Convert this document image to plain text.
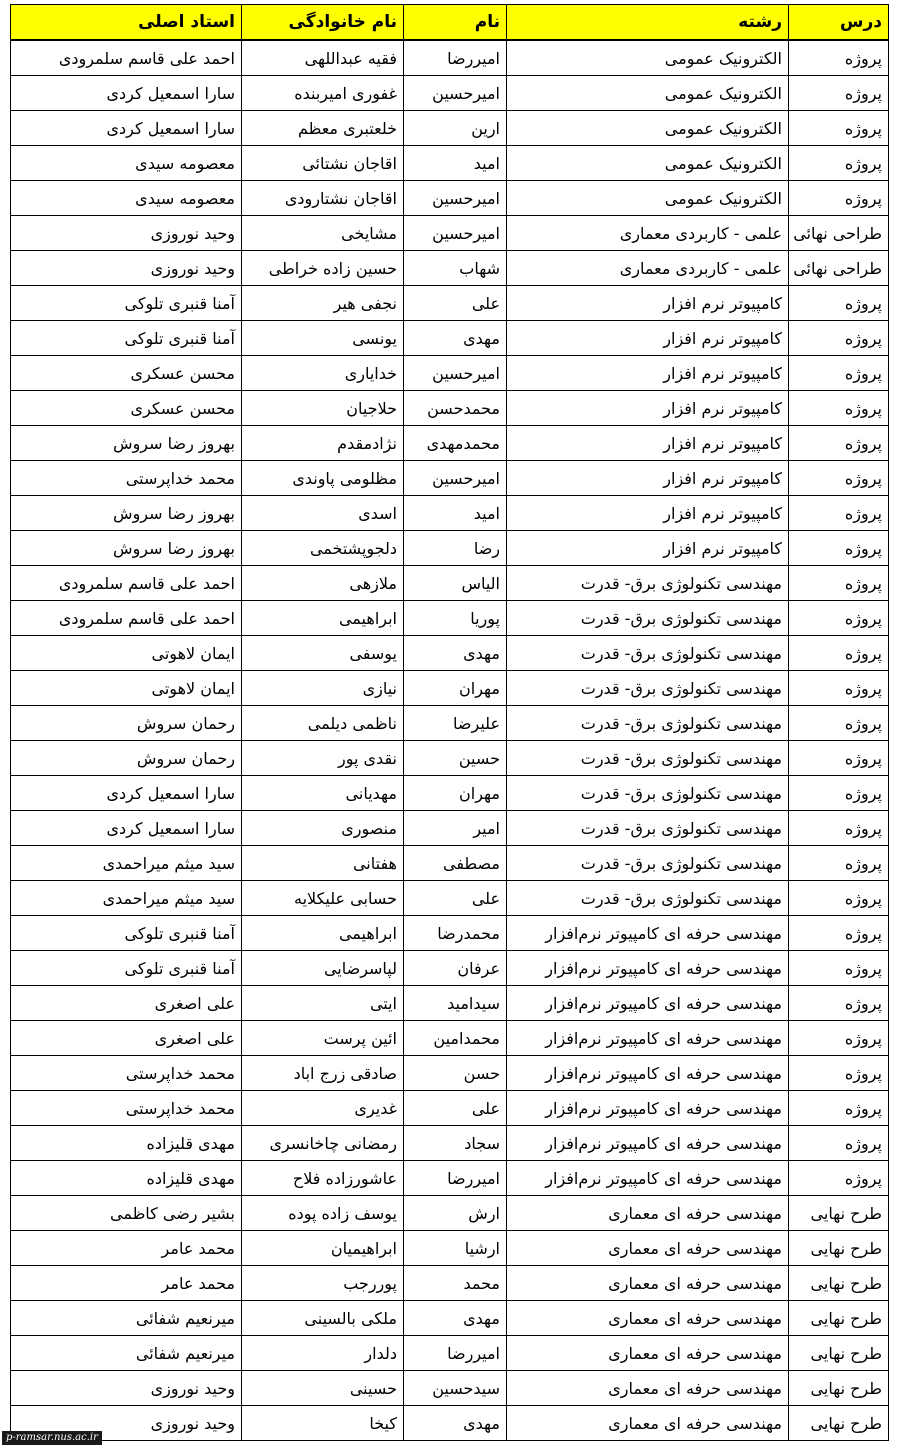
درس	رشته	نام	نام خانوادگی	استاد اصلی
پروژه	الکترونیک عمومی	امیررضا	فقیه عبداللهی	احمد علی قاسم سلمرودی
پروژه	الکترونیک عمومی	امیرحسین	غفوری امیربنده	سارا اسمعیل کردی
پروژه	الکترونیک عمومی	ارین	خلعتبری معظم	سارا اسمعیل کردی
پروژه	الکترونیک عمومی	امید	اقاجان نشتائی	معصومه سیدی
پروژه	الکترونیک عمومی	امیرحسین	اقاجان نشتارودی	معصومه سیدی
طراحی نهائی	علمی - کاربردی معماری	امیرحسین	مشایخی	وحید نوروزی
طراحی نهائی	علمی - کاربردی معماری	شهاب	حسین زاده خراطی	وحید نوروزی
پروژه	کامپیوتر نرم افزار	علی	نجفی هیر	آمنا قنبری تلوکی
پروژه	کامپیوتر نرم افزار	مهدی	یونسی	آمنا قنبری تلوکی
پروژه	کامپیوتر نرم افزار	امیرحسین	خدایاری	محسن عسکری
پروژه	کامپیوتر نرم افزار	محمدحسن	حلاجیان	محسن عسکری
پروژه	کامپیوتر نرم افزار	محمدمهدی	نژادمقدم	بهروز رضا سروش
پروژه	کامپیوتر نرم افزار	امیرحسین	مظلومی پاوندی	محمد خداپرستی
پروژه	کامپیوتر نرم افزار	امید	اسدی	بهروز رضا سروش
پروژه	کامپیوتر نرم افزار	رضا	دلجوپشتخمی	بهروز رضا سروش
پروژه	مهندسی تکنولوژی برق- قدرت	الیاس	ملازهی	احمد علی قاسم سلمرودی
پروژه	مهندسی تکنولوژی برق- قدرت	پوریا	ابراهیمی	احمد علی قاسم سلمرودی
پروژه	مهندسی تکنولوژی برق- قدرت	مهدی	یوسفی	ایمان لاهوتی
پروژه	مهندسی تکنولوژی برق- قدرت	مهران	نیازی	ایمان لاهوتی
پروژه	مهندسی تکنولوژی برق- قدرت	علیرضا	ناظمی دیلمی	رحمان سروش
پروژه	مهندسی تکنولوژی برق- قدرت	حسین	نقدی پور	رحمان سروش
پروژه	مهندسی تکنولوژی برق- قدرت	مهران	مهدیانی	سارا اسمعیل کردی
پروژه	مهندسی تکنولوژی برق- قدرت	امیر	منصوری	سارا اسمعیل کردی
پروژه	مهندسی تکنولوژی برق- قدرت	مصطفی	هفتانی	سید میثم میراحمدی
پروژه	مهندسی تکنولوژی برق- قدرت	علی	حسابی علیکلایه	سید میثم میراحمدی
پروژه	مهندسی حرفه ای کامپیوتر نرم‌افزار	محمدرضا	ابراهیمی	آمنا قنبری تلوکی
پروژه	مهندسی حرفه ای کامپیوتر نرم‌افزار	عرفان	لپاسرضایی	آمنا قنبری تلوکی
پروژه	مهندسی حرفه ای کامپیوتر نرم‌افزار	سیدامید	ایتی	علی اصغری
پروژه	مهندسی حرفه ای کامپیوتر نرم‌افزار	محمدامین	ائین پرست	علی اصغری
پروژه	مهندسی حرفه ای کامپیوتر نرم‌افزار	حسن	صادقی زرج اباد	محمد خداپرستی
پروژه	مهندسی حرفه ای کامپیوتر نرم‌افزار	علی	غدیری	محمد خداپرستی
پروژه	مهندسی حرفه ای کامپیوتر نرم‌افزار	سجاد	رمضانی چاخانسری	مهدی قلیزاده
پروژه	مهندسی حرفه ای کامپیوتر نرم‌افزار	امیررضا	عاشورزاده فلاح	مهدی قلیزاده
طرح نهایی	مهندسی حرفه ای معماری	ارش	یوسف زاده پوده	بشیر رضی کاظمی
طرح نهایی	مهندسی حرفه ای معماری	ارشیا	ابراهیمیان	محمد عامر
طرح نهایی	مهندسی حرفه ای معماری	محمد	پوررجب	محمد عامر
طرح نهایی	مهندسی حرفه ای معماری	مهدی	ملکی بالسینی	میرنعیم شفائی
طرح نهایی	مهندسی حرفه ای معماری	امیررضا	دلدار	میرنعیم شفائی
طرح نهایی	مهندسی حرفه ای معماری	سیدحسین	حسینی	وحید نوروزی
طرح نهایی	مهندسی حرفه ای معماری	مهدی	کیخا	وحید نوروزی
p-ramsar.nus.ac.ir
